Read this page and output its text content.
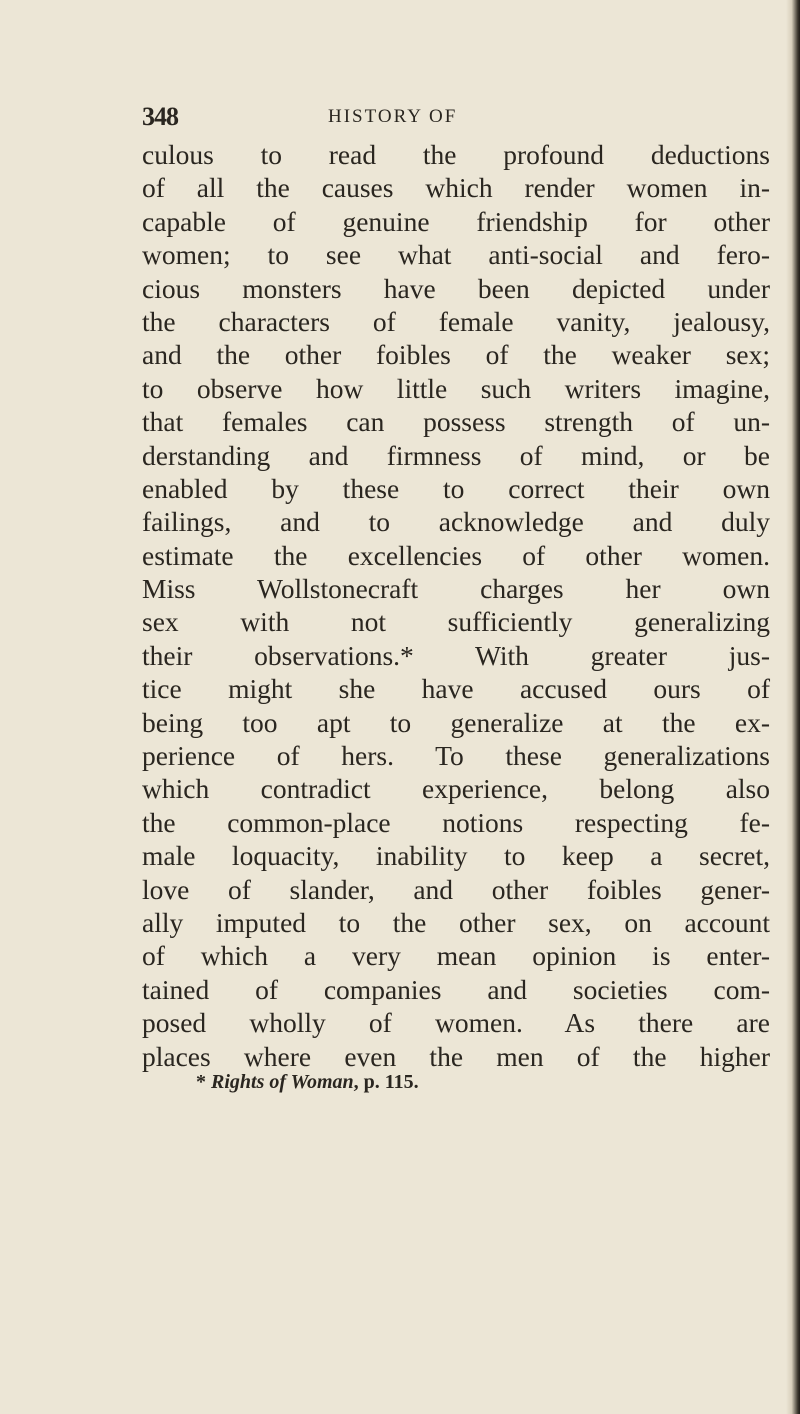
348	HISTORY OF
culous to read the profound deductions
of all the causes which render women in-
capable of genuine friendship for other
women; to see what anti-social and fero-
cious monsters have been depicted under
the characters of female vanity, jealousy,
and the other foibles of the weaker sex;
to observe how little such writers imagine,
that females can possess strength of un-
derstanding and firmness of mind, or be
enabled by these to correct their own
failings, and to acknowledge and duly
estimate the excellencies of other women.
Miss Wollstonecraft charges her own
sex with not sufficiently generalizing
their observations.* With greater jus-
tice might she have accused ours of
being too apt to generalize at the ex-
perience of hers. To these generalizations
which contradict experience, belong also
the common-place notions respecting fe-
male loquacity, inability to keep a secret,
love of slander, and other foibles gener-
ally imputed to the other sex, on account
of which a very mean opinion is enter-
tained of companies and societies com-
posed wholly of women. As there are
places where even the men of the higher
* Rights of Woman, p. 115.
